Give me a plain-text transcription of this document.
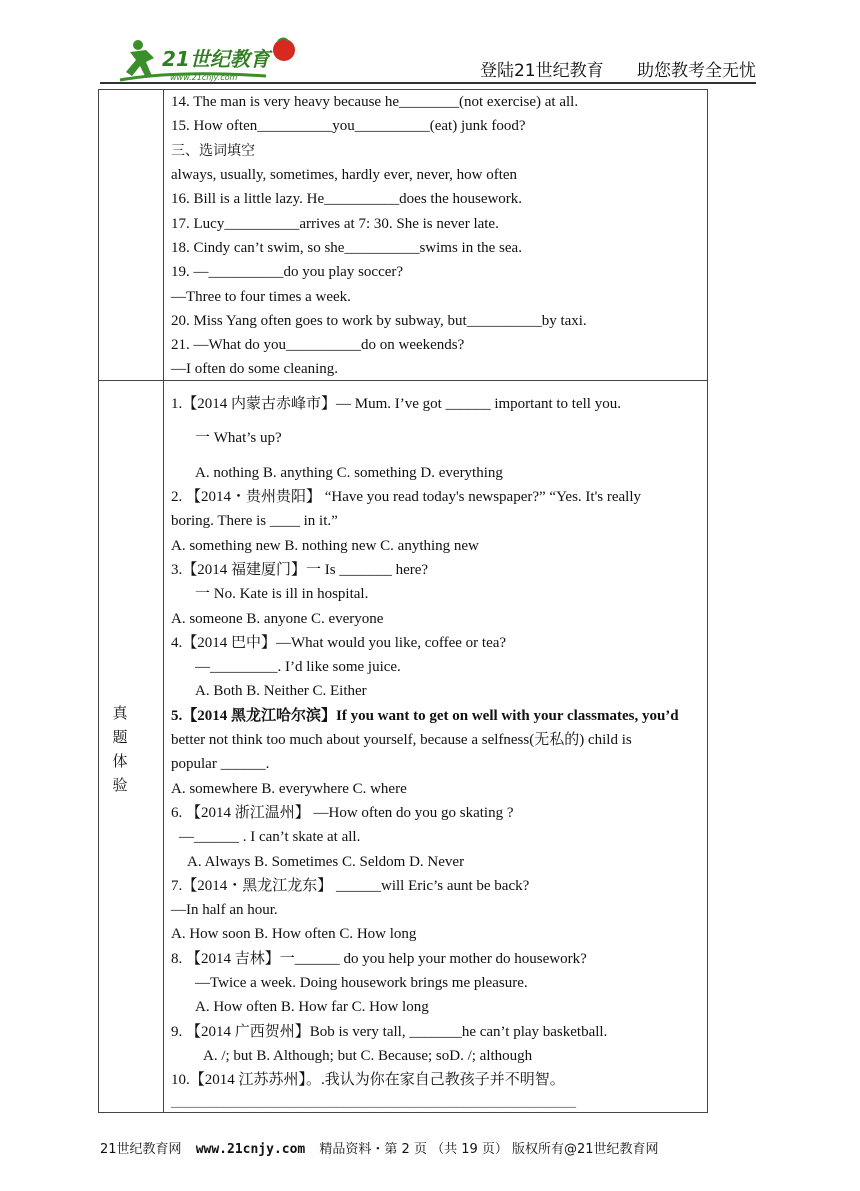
21世纪教育
www.21cnjy.com	登陆21世纪教育 助您教考全无忧
真
题
体
验
14. The man is very heavy because he________(not exercise) at all.
15. How often__________you__________(eat) junk food?
三、选词填空
always, usually, sometimes, hardly ever, never, how often
16. Bill is a little lazy. He__________does the housework.
17. Lucy__________arrives at 7: 30. She is never late.
18. Cindy can’t swim, so she__________swims in the sea.
19. —__________do you play soccer?
—Three to four times a week.
20. Miss Yang often goes to work by subway, but__________by taxi.
21. —What do you__________do on weekends?
—I often do some cleaning.
1.【2014 内蒙古赤峰市】— Mum. I’ve got ______ important to tell you.
一 What’s up?
A. nothing B. anything C. something D. everything
2. 【2014・贵州贵阳】 “Have you read today's newspaper?” “Yes. It's really
boring. There is ____ in it.”
A. something new B. nothing new C. anything new
3.【2014 福建厦门】一 Is _______ here?
一 No. Kate is ill in hospital.
A. someone B. anyone C. everyone
4.【2014 巴中】—What would you like, coffee or tea?
—_________. I’d like some juice.
A. Both B. Neither C. Either
5.【2014 黑龙江哈尔滨】If you want to get on well with your classmates, you’d
better not think too much about yourself, because a selfness(无私的) child is
popular ______.
A. somewhere B. everywhere C. where
6. 【2014 浙江温州】 —How often do you go skating ?
—______ . I can’t skate at all.
A. Always B. Sometimes C. Seldom D. Never
7.【2014・黑龙江龙东】 ______will Eric’s aunt be back?
—In half an hour.
A. How soon B. How often C. How long
8. 【2014 吉林】一______ do you help your mother do housework?
—Twice a week. Doing housework brings me pleasure.
A. How often B. How far C. How long
9. 【2014 广西贺州】Bob is very tall, _______he can’t play basketball.
A. /; but B. Although; but C. Because; soD. /; although
10.【2014 江苏苏州】。.我认为你在家自己教孩子并不明智。
______________________________________________________
21世纪教育网 www.21cnjy.com 精品资料・第 2 页 （共 19 页） 版权所有@21世纪教育网
